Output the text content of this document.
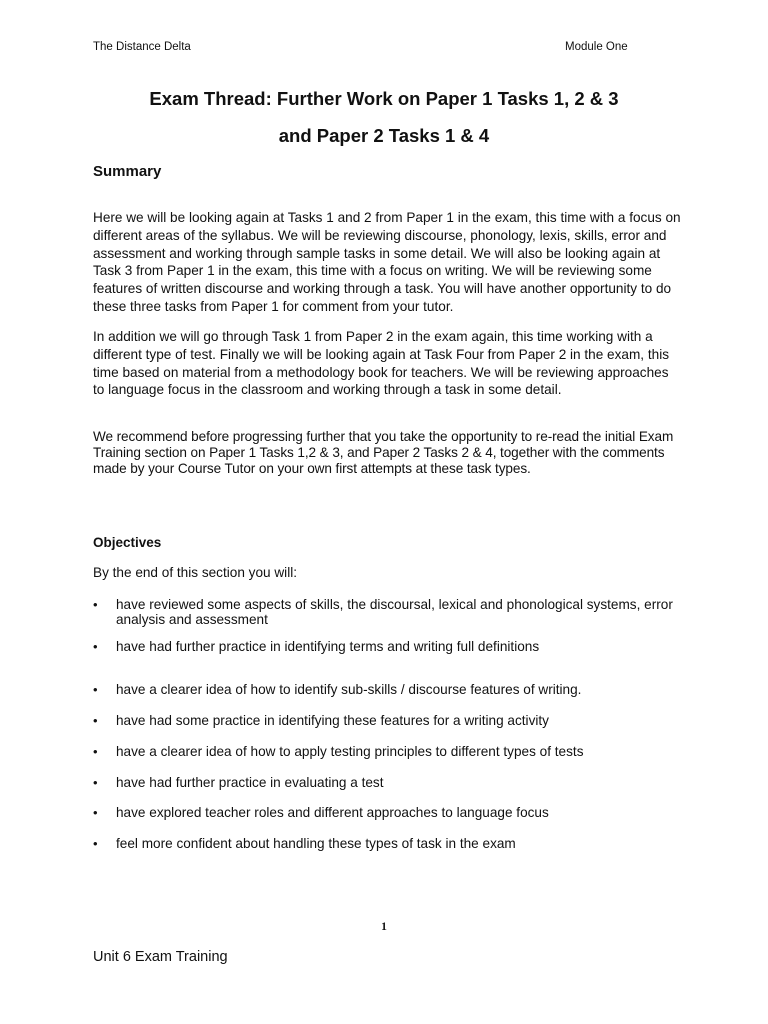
The Distance Delta	Module One
Exam Thread: Further Work on Paper 1 Tasks 1, 2 & 3
and Paper 2 Tasks 1 & 4
Summary
Here we will be looking again at Tasks 1 and 2 from Paper 1 in the exam, this time with a focus on different areas of the syllabus. We will be reviewing discourse, phonology, lexis, skills, error and assessment and working through sample tasks in some detail. We will also be looking again at Task 3 from Paper 1 in the exam, this time with a focus on writing. We will be reviewing some features of written discourse and working through a task. You will have another opportunity to do these three tasks from Paper 1 for comment from your tutor.
In addition we will go through Task 1 from Paper 2 in the exam again, this time working with a different type of test. Finally we will be looking again at Task Four from Paper 2 in the exam, this time based on material from a methodology book for teachers. We will be reviewing approaches to language focus in the classroom and working through a task in some detail.
We recommend before progressing further that you take the opportunity to re-read the initial Exam Training section on Paper 1 Tasks 1,2 & 3, and Paper 2 Tasks 2 & 4, together with the comments made by your Course Tutor on your own first attempts at these task types.
Objectives
By the end of this section you will:
• have reviewed some aspects of skills, the discoursal, lexical and phonological systems, error analysis and assessment
• have had further practice in identifying terms and writing full definitions
• have a clearer idea of how to identify sub-skills / discourse features of writing.
• have had some practice in identifying these features for a writing activity
• have a clearer idea of how to apply testing principles to different types of tests
• have had further practice in evaluating a test
• have explored teacher roles and different approaches to language focus
• feel more confident about handling these types of task in the exam
1
Unit 6 Exam Training
